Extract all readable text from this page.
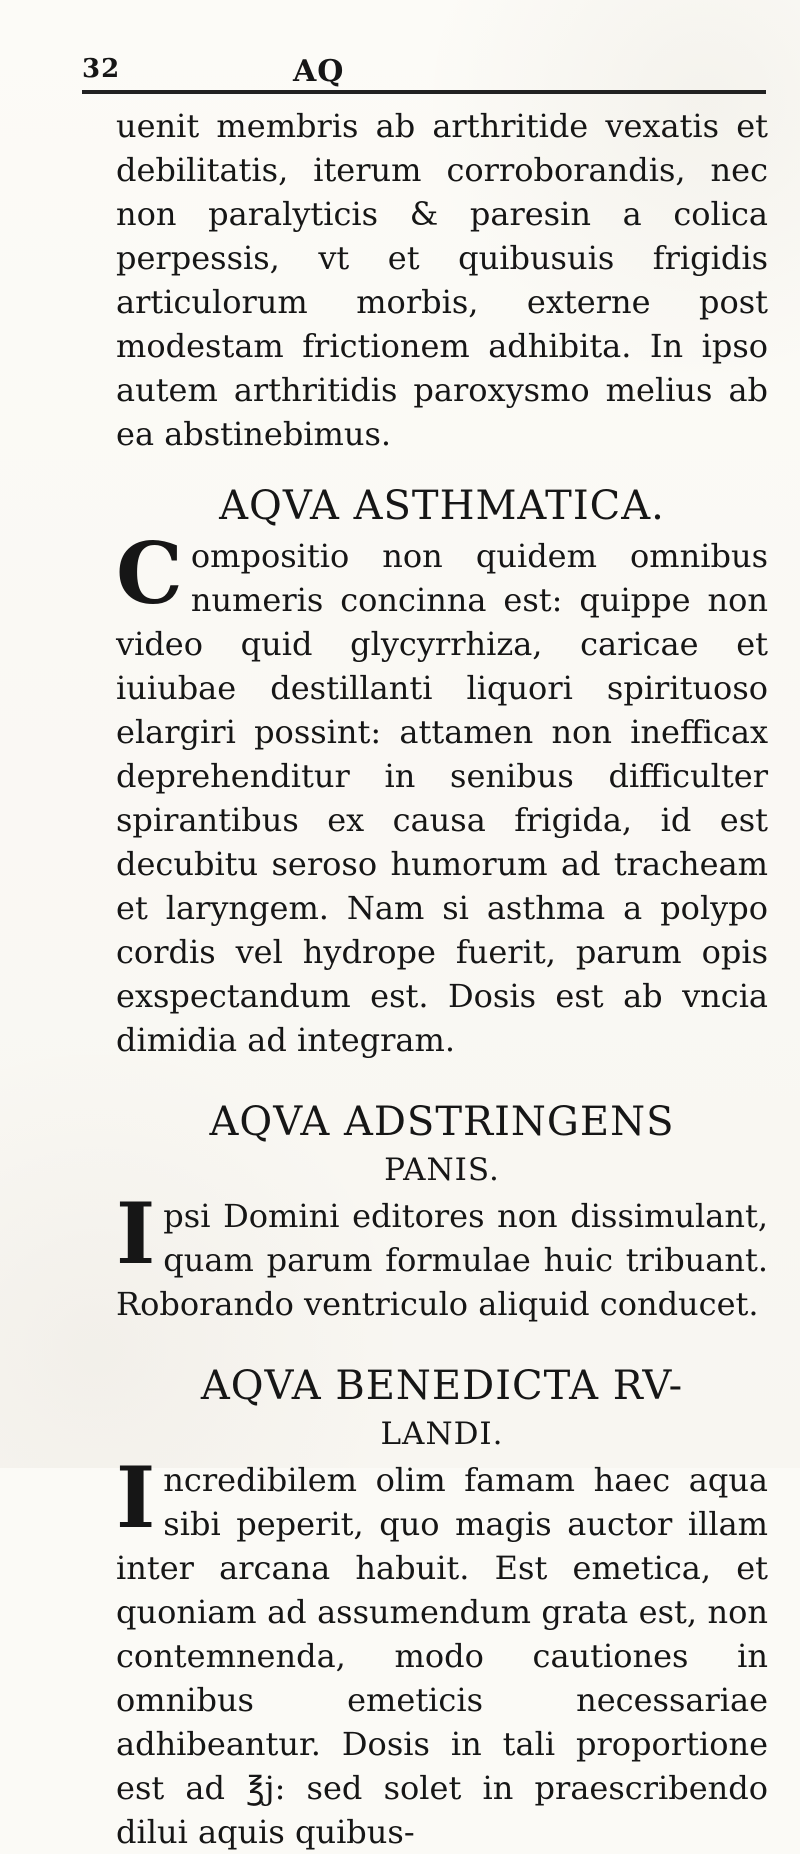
32	AQ

uenit membris ab arthritide vexatis et debilitatis, iterum corroborandis, nec non paralyticis & paresin a colica perpessis, vt et quibusuis frigidis articulorum morbis, externe post modestam frictionem adhibita. In ipso autem arthritidis paroxysmo melius ab ea abstinebimus.

AQVA ASTHMATICA.

Compositio non quidem omnibus numeris concinna est: quippe non video quid glycyrrhiza, caricae et iuiubae destillanti liquori spirituoso elargiri possint: attamen non inefficax deprehenditur in senibus difficulter spirantibus ex causa frigida, id est decubitu seroso humorum ad tracheam et laryngem. Nam si asthma a polypo cordis vel hydrope fuerit, parum opis exspectandum est. Dosis est ab vncia dimidia ad integram.

AQVA ADSTRINGENS
PANIS.

Ipsi Domini editores non dissimulant, quam parum formulae huic tribuant. Roborando ventriculo aliquid conducet.

AQVA BENEDICTA RV-
LANDI.

Incredibilem olim famam haec aqua sibi peperit, quo magis auctor illam inter arcana habuit. Est emetica, et quoniam ad assumendum grata est, non contemnenda, modo cautiones in omnibus emeticis necessariae adhibeantur. Dosis in tali proportione est ad ℥j: sed solet in praescribendo dilui aquis quibus-
